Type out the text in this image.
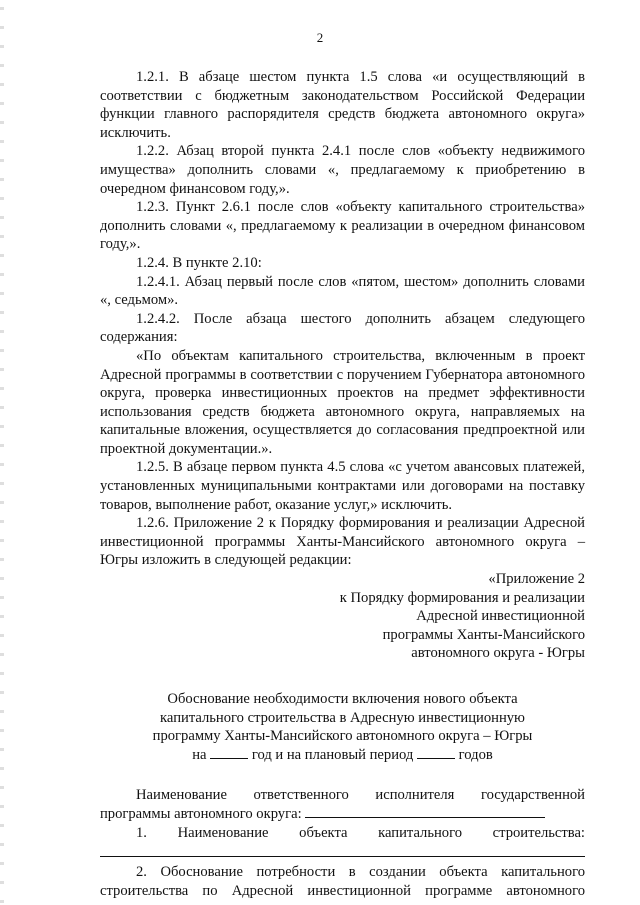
2

1.2.1. В абзаце шестом пункта 1.5 слова «и осуществляющий в соответствии с бюджетным законодательством Российской Федерации функции главного распорядителя средств бюджета автономного округа» исключить.

1.2.2. Абзац второй пункта 2.4.1 после слов «объекту недвижимого имущества» дополнить словами «, предлагаемому к приобретению в очередном финансовом году,».

1.2.3. Пункт 2.6.1 после слов «объекту капитального строительства» дополнить словами «, предлагаемому к реализации в очередном финансовом году,».

1.2.4. В пункте 2.10:

1.2.4.1. Абзац первый после слов «пятом, шестом» дополнить словами «, седьмом».

1.2.4.2. После абзаца шестого дополнить абзацем следующего содержания:

«По объектам капитального строительства, включенным в проект Адресной программы в соответствии с поручением Губернатора автономного округа, проверка инвестиционных проектов на предмет эффективности использования средств бюджета автономного округа, направляемых на капитальные вложения, осуществляется до согласования предпроектной или проектной документации.».

1.2.5. В абзаце первом пункта 4.5 слова «с учетом авансовых платежей, установленных муниципальными контрактами или договорами на поставку товаров, выполнение работ, оказание услуг,» исключить.

1.2.6. Приложение 2 к Порядку формирования и реализации Адресной инвестиционной программы Ханты-Мансийского автономного округа – Югры изложить в следующей редакции:

«Приложение 2
к Порядку формирования и реализации
Адресной инвестиционной
программы Ханты-Мансийского
автономного округа - Югры
Обоснование необходимости включения нового объекта
капитального строительства в Адресную инвестиционную
программу Ханты-Мансийского автономного округа – Югры
на	год и на плановый период	годов

Наименование ответственного исполнителя государственной

программы автономного округа:

1. Наименование объекта капитального строительства:

2. Обоснование потребности в создании объекта капитального

строительства по Адресной инвестиционной программе автономного
